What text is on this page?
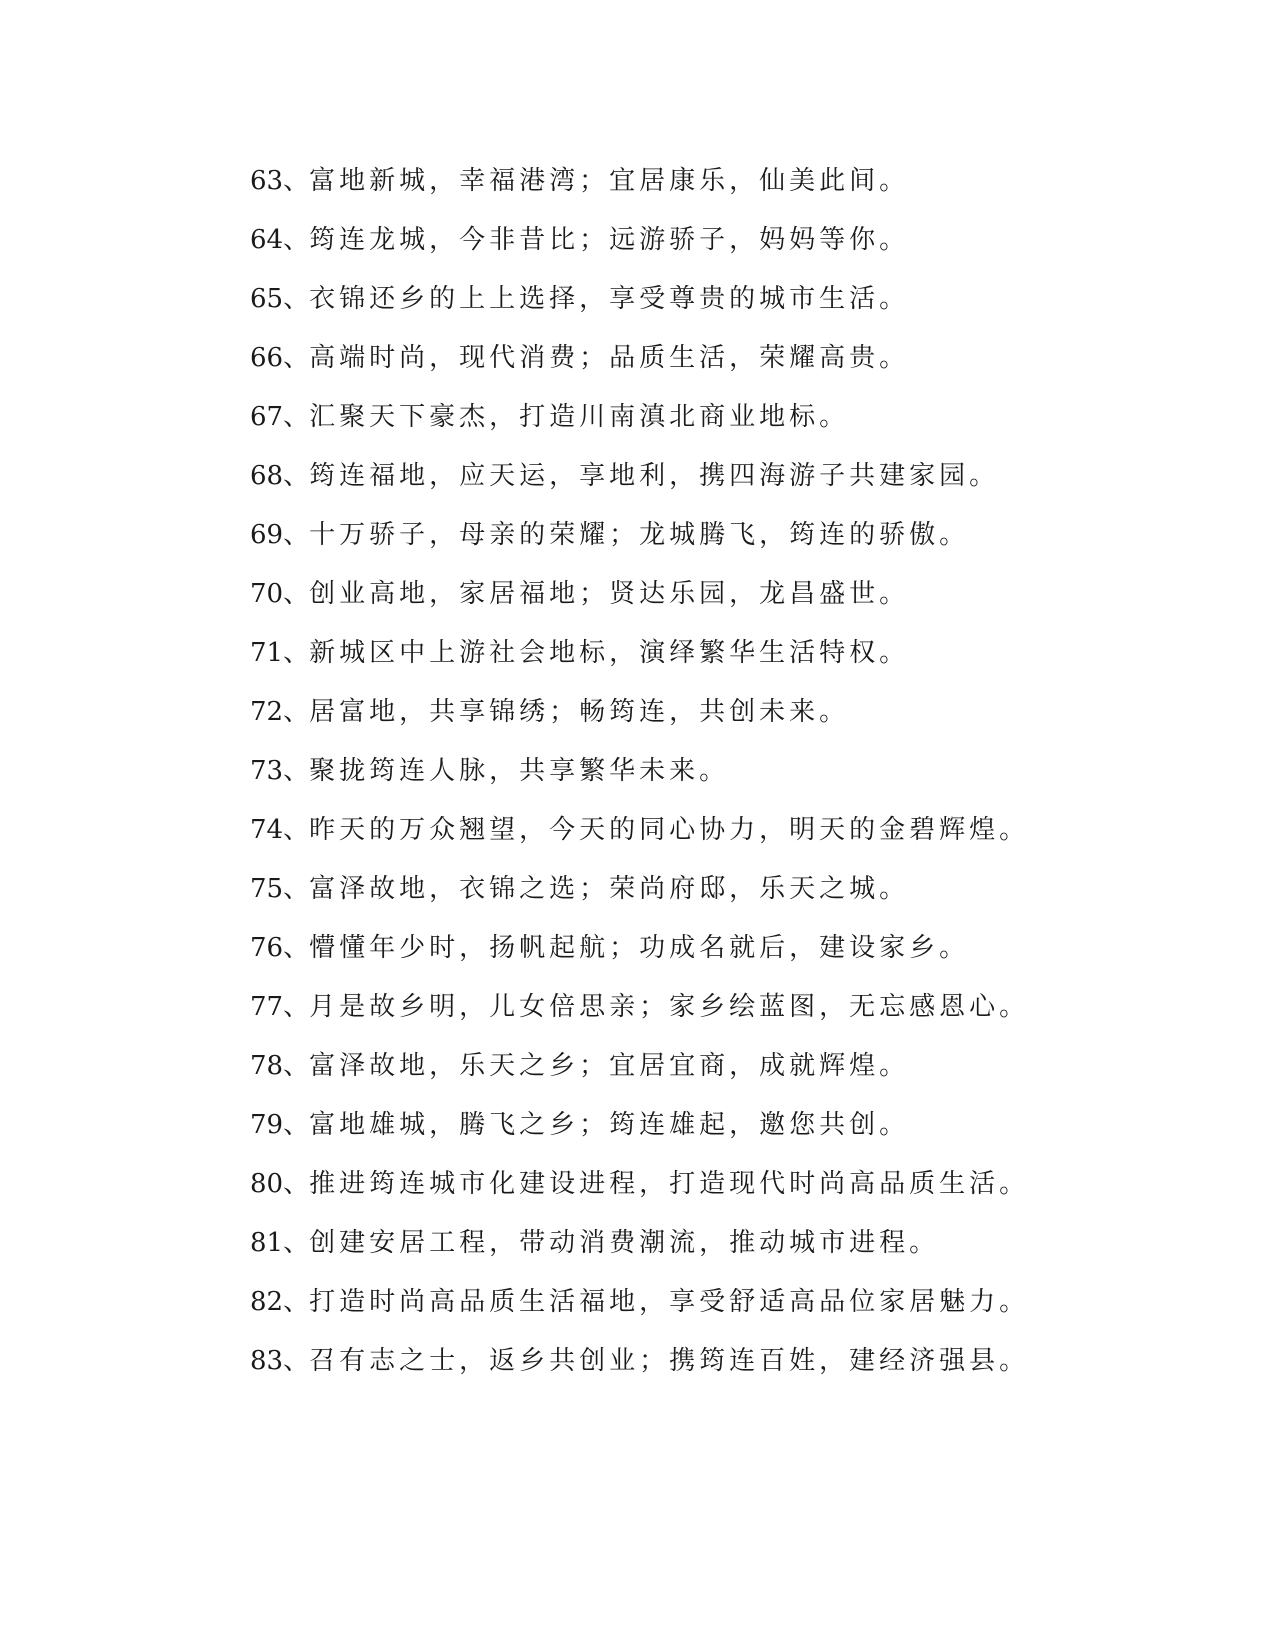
63、富地新城，幸福港湾；宜居康乐，仙美此间。
64、筠连龙城，今非昔比；远游骄子，妈妈等你。
65、衣锦还乡的上上选择，享受尊贵的城市生活。
66、高端时尚，现代消费；品质生活，荣耀高贵。
67、汇聚天下豪杰，打造川南滇北商业地标。
68、筠连福地，应天运，享地利，携四海游子共建家园。
69、十万骄子，母亲的荣耀；龙城腾飞，筠连的骄傲。
70、创业高地，家居福地；贤达乐园，龙昌盛世。
71、新城区中上游社会地标，演绎繁华生活特权。
72、居富地，共享锦绣；畅筠连，共创未来。
73、聚拢筠连人脉，共享繁华未来。
74、昨天的万众翘望，今天的同心协力，明天的金碧辉煌。
75、富泽故地，衣锦之选；荣尚府邸，乐天之城。
76、懵懂年少时，扬帆起航；功成名就后，建设家乡。
77、月是故乡明，儿女倍思亲；家乡绘蓝图，无忘感恩心。
78、富泽故地，乐天之乡；宜居宜商，成就辉煌。
79、富地雄城，腾飞之乡；筠连雄起，邀您共创。
80、推进筠连城市化建设进程，打造现代时尚高品质生活。
81、创建安居工程，带动消费潮流，推动城市进程。
82、打造时尚高品质生活福地，享受舒适高品位家居魅力。
83、召有志之士，返乡共创业；携筠连百姓，建经济强县。
